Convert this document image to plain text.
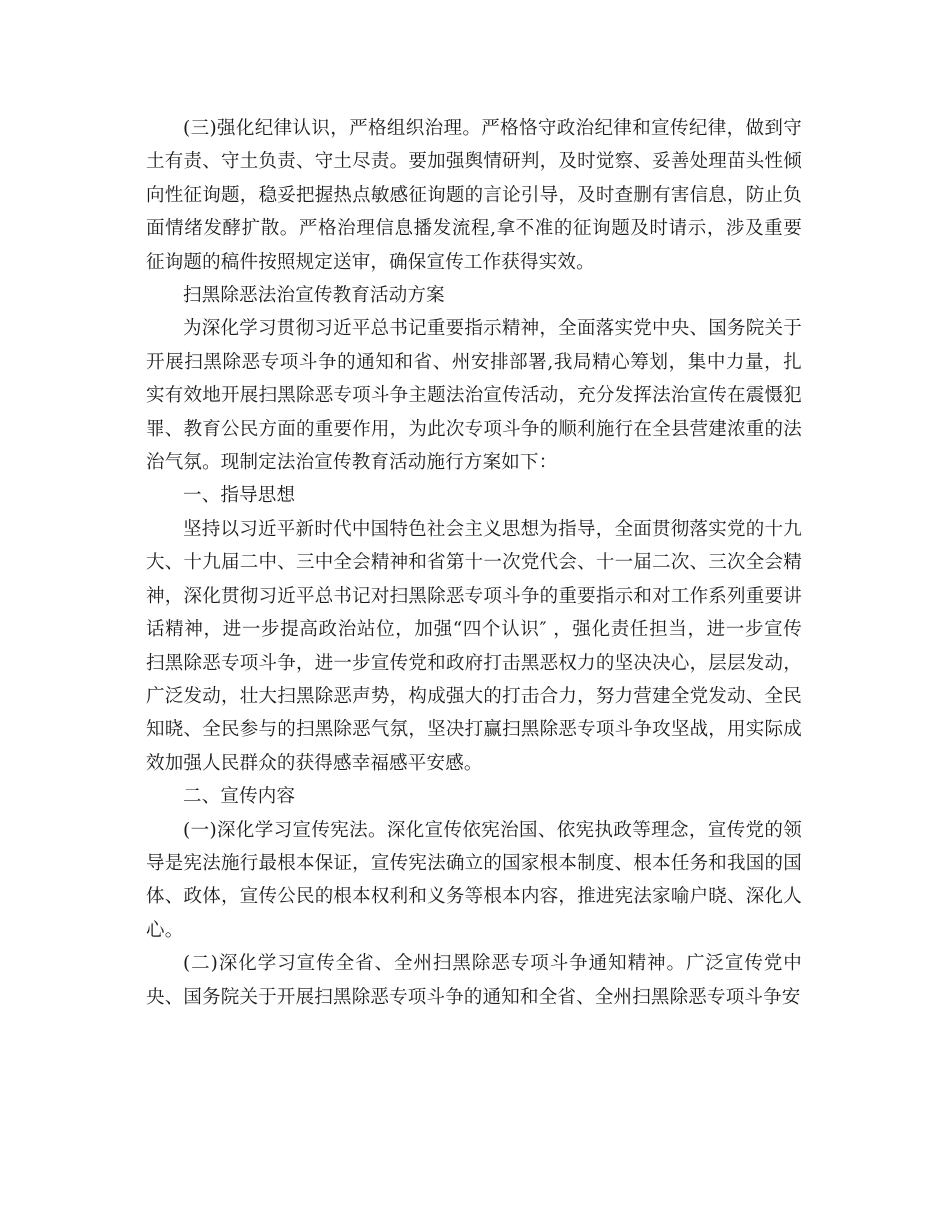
(三)强化纪律认识，严格组织治理。严格恪守政治纪律和宣传纪律，做到守土有责、守土负责、守土尽责。要加强舆情研判，及时觉察、妥善处理苗头性倾向性征询题，稳妥把握热点敏感征询题的言论引导，及时查删有害信息，防止负面情绪发酵扩散。严格治理信息播发流程,拿不准的征询题及时请示，涉及重要征询题的稿件按照规定送审，确保宣传工作获得实效。

扫黑除恶法治宣传教育活动方案

为深化学习贯彻习近平总书记重要指示精神，全面落实党中央、国务院关于开展扫黑除恶专项斗争的通知和省、州安排部署,我局精心筹划，集中力量，扎实有效地开展扫黑除恶专项斗争主题法治宣传活动，充分发挥法治宣传在震慑犯罪、教育公民方面的重要作用，为此次专项斗争的顺利施行在全县营建浓重的法治气氛。现制定法治宣传教育活动施行方案如下：

一、指导思想

坚持以习近平新时代中国特色社会主义思想为指导，全面贯彻落实党的十九大、十九届二中、三中全会精神和省第十一次党代会、十一届二次、三次全会精神，深化贯彻习近平总书记对扫黑除恶专项斗争的重要指示和对工作系列重要讲话精神，进一步提高政治站位，加强“四个认识″ ，强化责任担当，进一步宣传扫黑除恶专项斗争，进一步宣传党和政府打击黑恶权力的坚决决心，层层发动，广泛发动，壮大扫黑除恶声势，构成强大的打击合力，努力营建全党发动、全民知晓、全民参与的扫黑除恶气氛，坚决打赢扫黑除恶专项斗争攻坚战，用实际成效加强人民群众的获得感幸福感平安感。

二、宣传内容

(一)深化学习宣传宪法。深化宣传依宪治国、依宪执政等理念，宣传党的领导是宪法施行最根本保证，宣传宪法确立的国家根本制度、根本任务和我国的国体、政体，宣传公民的根本权利和义务等根本内容，推进宪法家喻户晓、深化人心。

(二)深化学习宣传全省、全州扫黑除恶专项斗争通知精神。广泛宣传党中央、国务院关于开展扫黑除恶专项斗争的通知和全省、全州扫黑除恶专项斗争安
